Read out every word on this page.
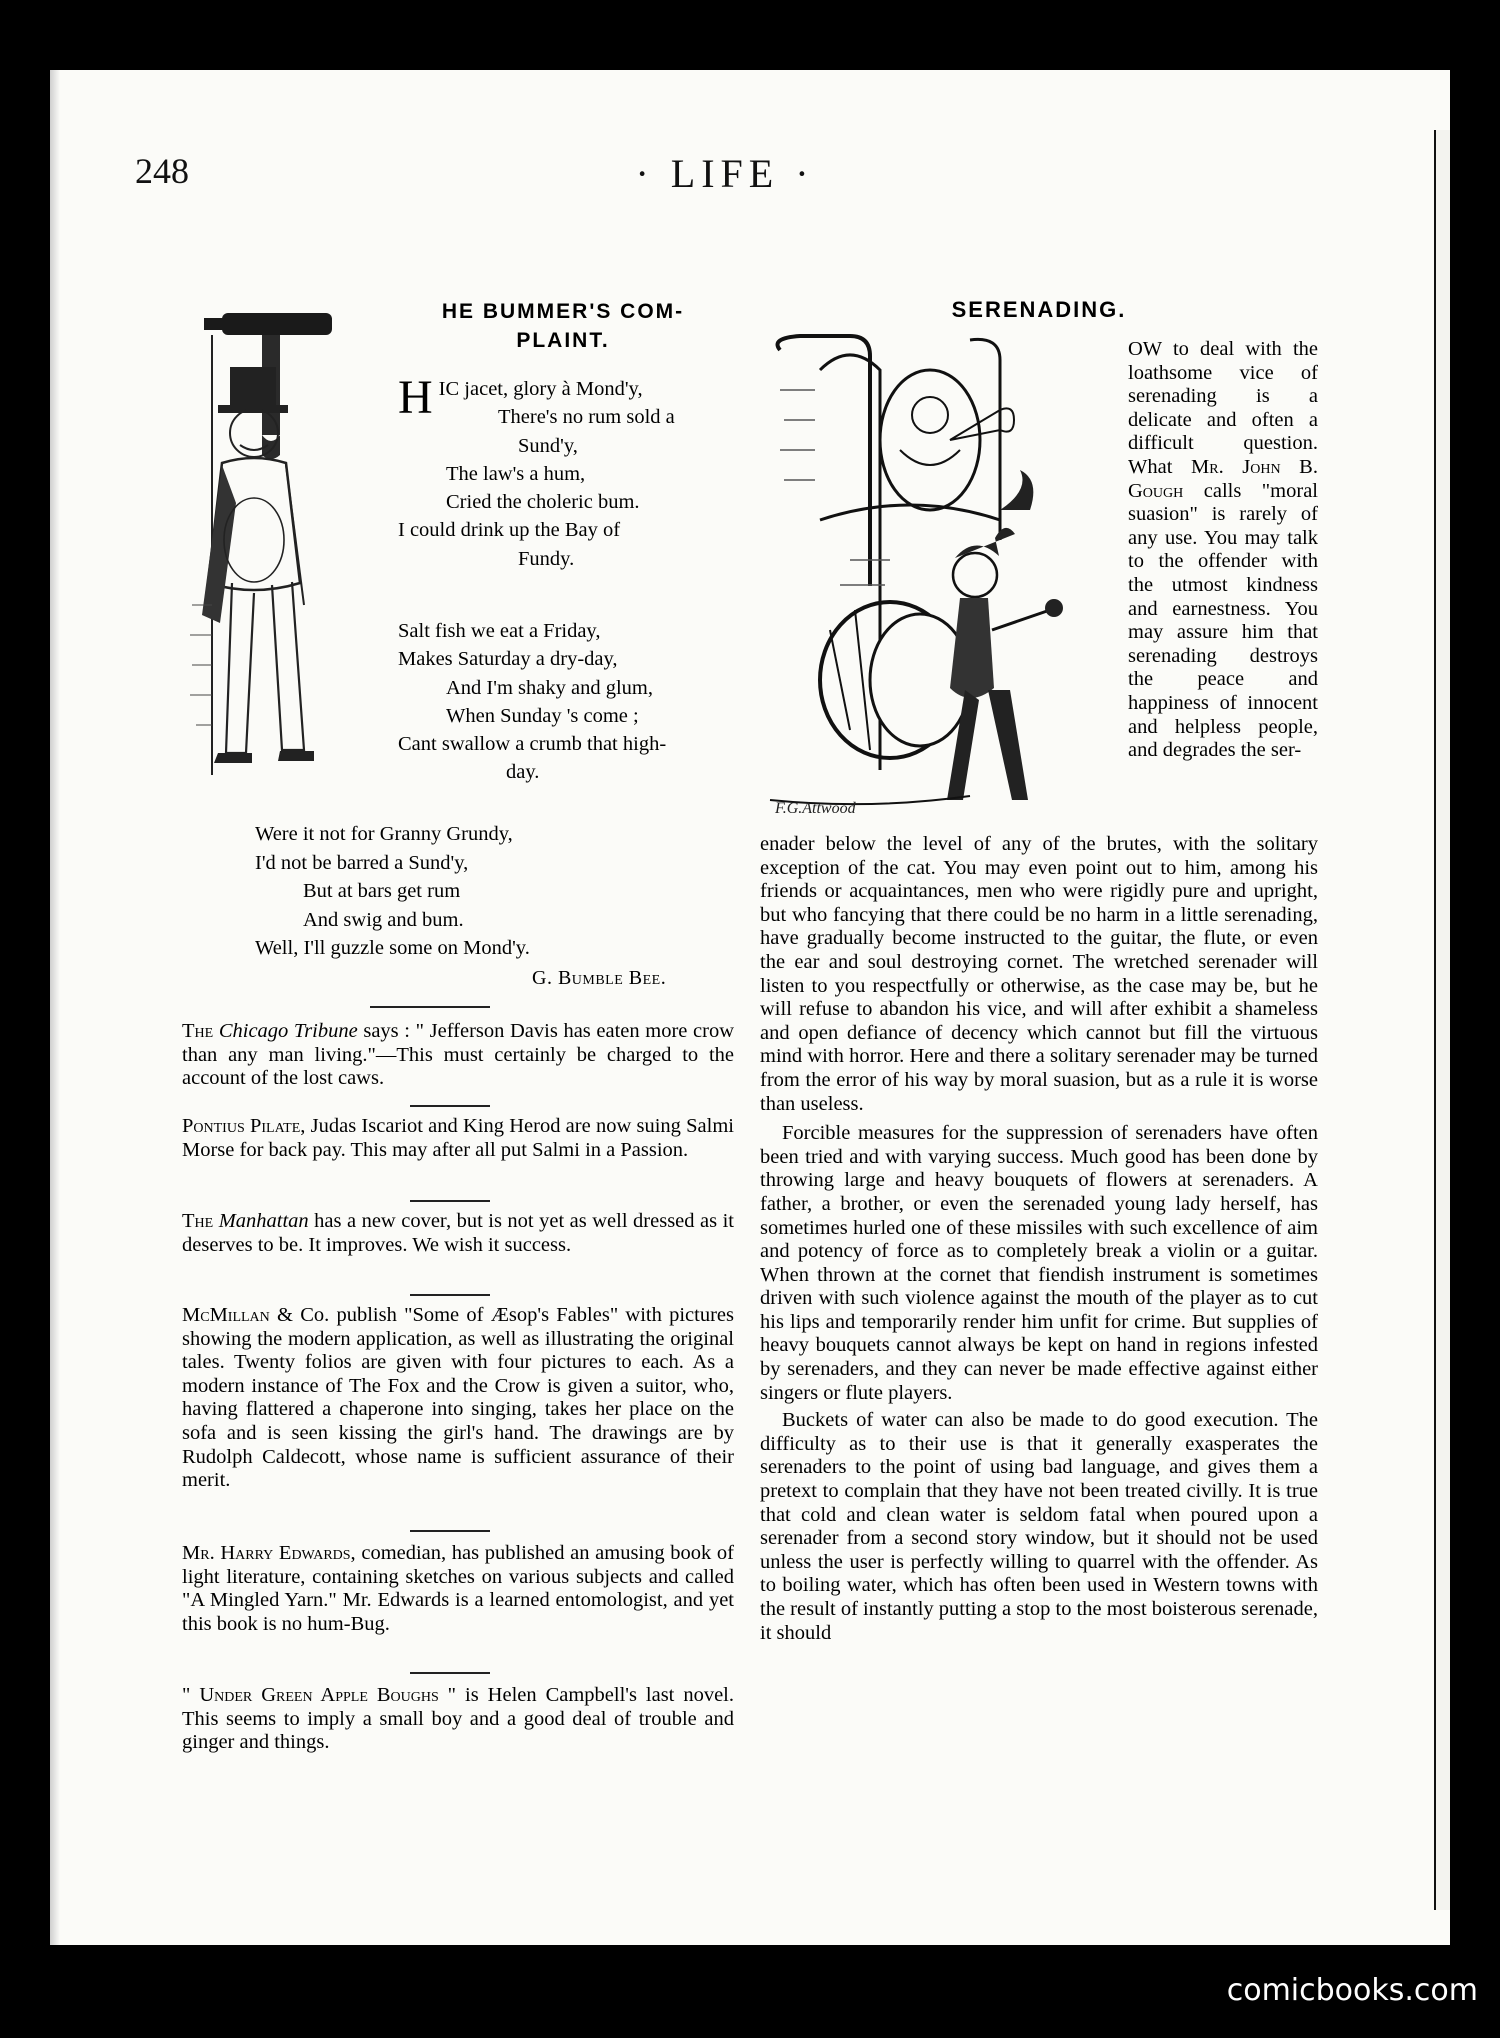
248	· LIFE ·
HE BUMMER'S COM-
PLAINT.
H IC jacet, glory à Mond'y,
There's no rum sold a
Sund'y,
The law's a hum,
Cried the choleric bum.
I could drink up the Bay of
Fundy.
Salt fish we eat a Friday,
Makes Saturday a dry-day,
And I'm shaky and glum,
When Sunday 's come ;
Cant swallow a crumb that high-
day.
Were it not for Granny Grundy,
I'd not be barred a Sund'y,
But at bars get rum
And swig and bum.
Well, I'll guzzle some on Mond'y.
G. Bumble Bee.

The Chicago Tribune says : " Jefferson Davis has eaten more crow than any man living."—This must certainly be charged to the account of the lost caws.

Pontius Pilate, Judas Iscariot and King Herod are now suing Salmi Morse for back pay. This may after all put Salmi in a Passion.

The Manhattan has a new cover, but is not yet as well dressed as it deserves to be. It improves. We wish it success.

McMillan & Co. publish "Some of Æsop's Fables" with pictures showing the modern application, as well as illustrating the original tales. Twenty folios are given with four pictures to each. As a modern instance of The Fox and the Crow is given a suitor, who, having flattered a chaperone into singing, takes her place on the sofa and is seen kissing the girl's hand. The drawings are by Rudolph Caldecott, whose name is sufficient assurance of their merit.

Mr. Harry Edwards, comedian, has published an amusing book of light literature, containing sketches on various subjects and called "A Mingled Yarn." Mr. Edwards is a learned entomologist, and yet this book is no hum-Bug.

" Under Green Apple Boughs " is Helen Campbell's last novel. This seems to imply a small boy and a good deal of trouble and ginger and things.

SERENADING.
F.G.Attwood
OW to deal with the loathsome vice of serenading is a delicate and often a difficult question. What Mr. John B. Gough calls "moral suasion" is rarely of any use. You may talk to the offender with the utmost kindness and earnestness. You may assure him that serenading destroys the peace and happiness of innocent and helpless people, and degrades the ser-

enader below the level of any of the brutes, with the solitary exception of the cat. You may even point out to him, among his friends or acquaintances, men who were rigidly pure and upright, but who fancying that there could be no harm in a little serenading, have gradually become instructed to the guitar, the flute, or even the ear and soul destroying cornet. The wretched serenader will listen to you respectfully or otherwise, as the case may be, but he will refuse to abandon his vice, and will after exhibit a shameless and open defiance of decency which cannot but fill the virtuous mind with horror. Here and there a solitary serenader may be turned from the error of his way by moral suasion, but as a rule it is worse than useless.

Forcible measures for the suppression of serenaders have often been tried and with varying success. Much good has been done by throwing large and heavy bouquets of flowers at serenaders. A father, a brother, or even the serenaded young lady herself, has sometimes hurled one of these missiles with such excellence of aim and potency of force as to completely break a violin or a guitar. When thrown at the cornet that fiendish instrument is sometimes driven with such violence against the mouth of the player as to cut his lips and temporarily render him unfit for crime. But supplies of heavy bouquets cannot always be kept on hand in regions infested by serenaders, and they can never be made effective against either singers or flute players.

Buckets of water can also be made to do good execution. The difficulty as to their use is that it generally exasperates the serenaders to the point of using bad language, and gives them a pretext to complain that they have not been treated civilly. It is true that cold and clean water is seldom fatal when poured upon a serenader from a second story window, but it should not be used unless the user is perfectly willing to quarrel with the offender. As to boiling water, which has often been used in Western towns with the result of instantly putting a stop to the most boisterous serenade, it should

comicbooks.com
